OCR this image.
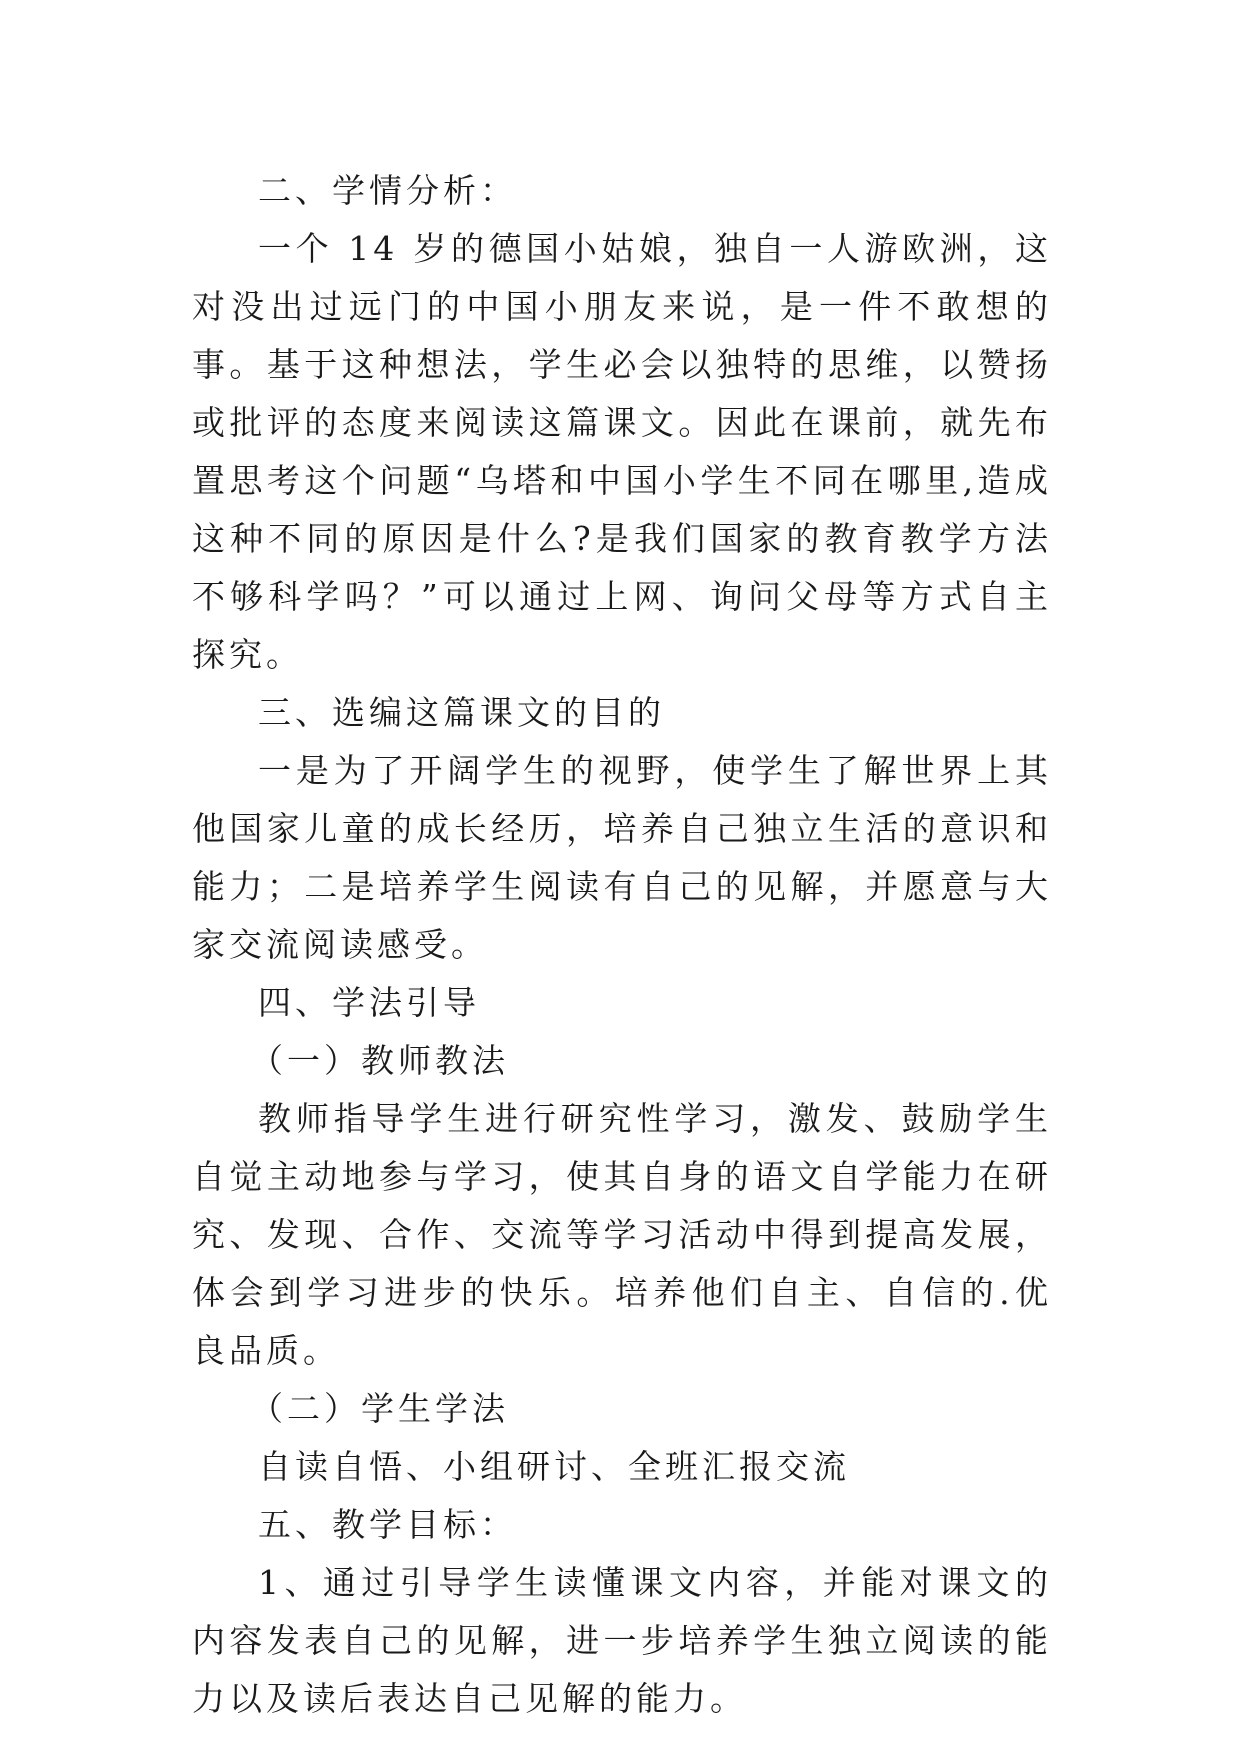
二、学情分析：

一个 14 岁的德国小姑娘，独自一人游欧洲，这对没出过远门的中国小朋友来说，是一件不敢想的事。基于这种想法，学生必会以独特的思维，以赞扬或批评的态度来阅读这篇课文。因此在课前，就先布置思考这个问题“乌塔和中国小学生不同在哪里,造成这种不同的原因是什么?是我们国家的教育教学方法不够科学吗？”可以通过上网、询问父母等方式自主探究。

三、选编这篇课文的目的

一是为了开阔学生的视野，使学生了解世界上其他国家儿童的成长经历，培养自己独立生活的意识和能力；二是培养学生阅读有自己的见解，并愿意与大家交流阅读感受。

四、学法引导

（一）教师教法

教师指导学生进行研究性学习，激发、鼓励学生自觉主动地参与学习，使其自身的语文自学能力在研究、发现、合作、交流等学习活动中得到提高发展，体会到学习进步的快乐。培养他们自主、自信的.优良品质。

（二）学生学法

自读自悟、小组研讨、全班汇报交流

五、教学目标：

1、通过引导学生读懂课文内容，并能对课文的内容发表自己的见解，进一步培养学生独立阅读的能力以及读后表达自己见解的能力。
